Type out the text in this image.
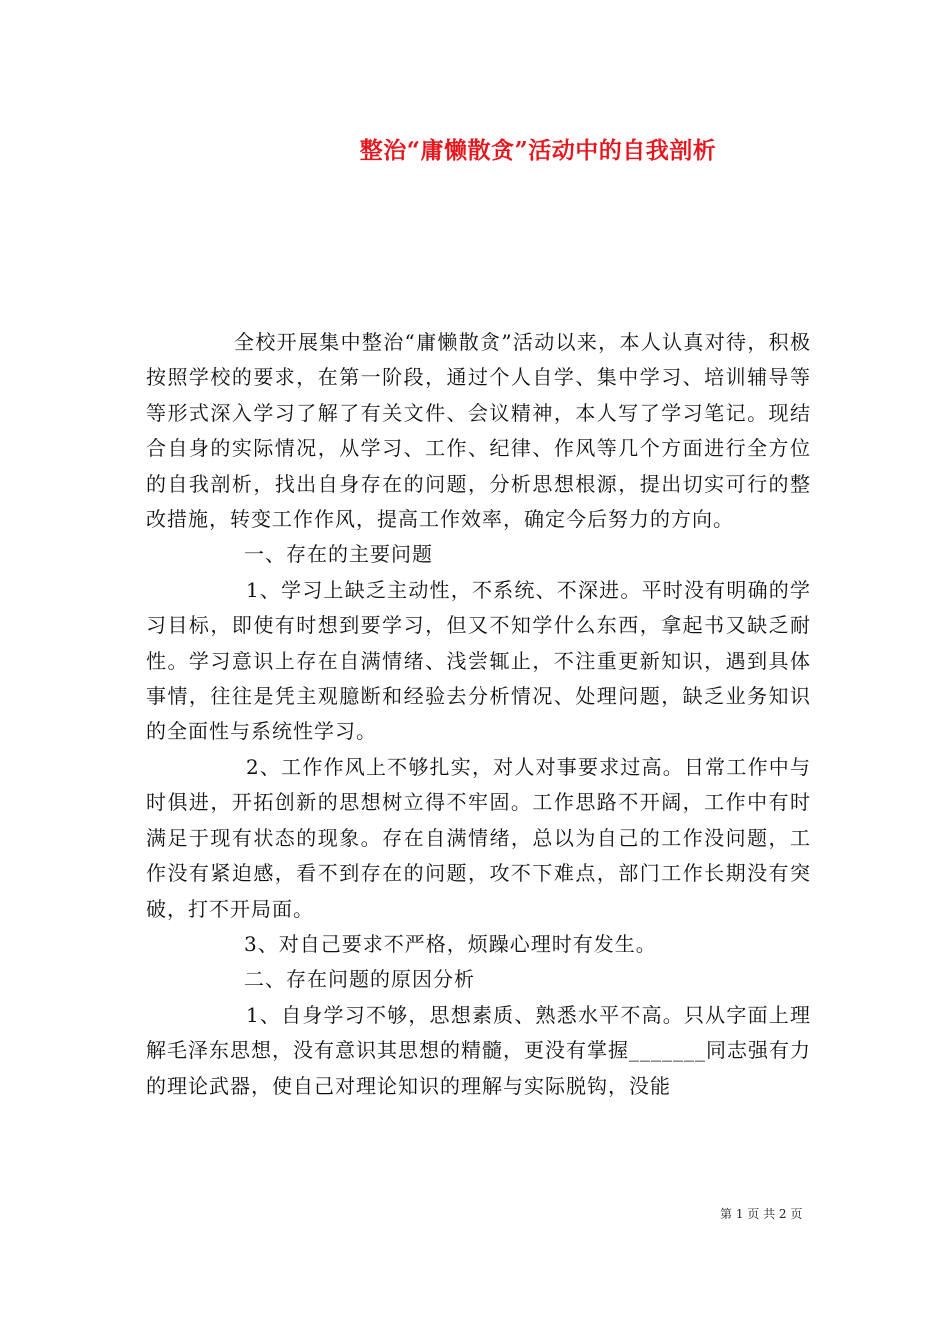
整治“庸懒散贪”活动中的自我剖析

全校开展集中整治“庸懒散贪”活动以来，本人认真对待，积极按照学校的要求，在第一阶段，通过个人自学、集中学习、培训辅导等等形式深入学习了解了有关文件、会议精神，本人写了学习笔记。现结合自身的实际情况，从学习、工作、纪律、作风等几个方面进行全方位的自我剖析，找出自身存在的问题，分析思想根源，提出切实可行的整改措施，转变工作作风，提高工作效率，确定今后努力的方向。

一、存在的主要问题

1、学习上缺乏主动性，不系统、不深进。平时没有明确的学习目标，即使有时想到要学习，但又不知学什么东西，拿起书又缺乏耐性。学习意识上存在自满情绪、浅尝辄止，不注重更新知识，遇到具体事情，往往是凭主观臆断和经验去分析情况、处理问题，缺乏业务知识的全面性与系统性学习。

2、工作作风上不够扎实，对人对事要求过高。日常工作中与时俱进，开拓创新的思想树立得不牢固。工作思路不开阔，工作中有时满足于现有状态的现象。存在自满情绪，总以为自己的工作没问题，工作没有紧迫感，看不到存在的问题，攻不下难点，部门工作长期没有突破，打不开局面。

3、对自己要求不严格，烦躁心理时有发生。

二、存在问题的原因分析

1、自身学习不够，思想素质、熟悉水平不高。只从字面上理解毛泽东思想，没有意识其思想的精髓，更没有掌握_______同志强有力的理论武器，使自己对理论知识的理解与实际脱钩，没能

第 1 页 共 2 页
